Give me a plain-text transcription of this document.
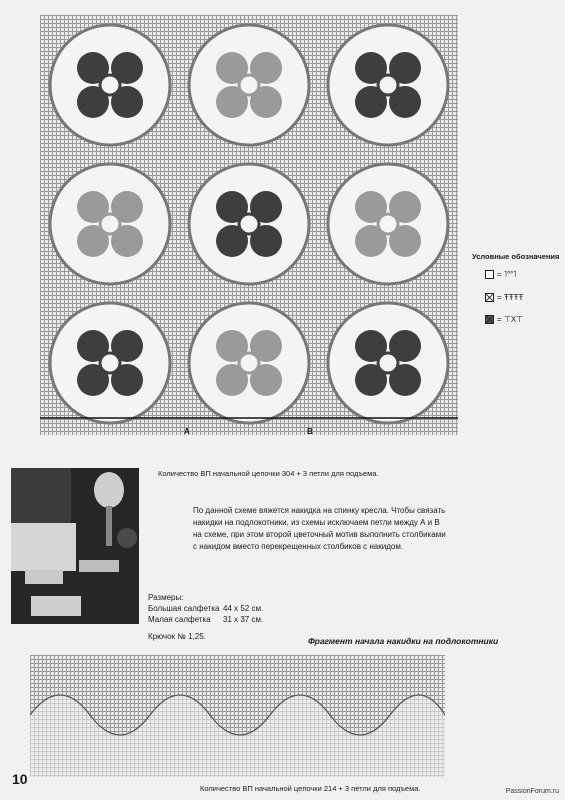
A	B
Количество ВП начальной цепочки 304 + 3 петли для подъема.
Условные обозначения
= ˥°°˥
= ŦŦŦŦ
= ⊤X⊤
По данной схеме вяжется накидка на спинку кресла. Чтобы связать
накидки на подлокотники, из схемы исключаем петли между А и В
на схеме, при этом второй цветочный мотив выполнить столбиками
с накидом вместо перекрещенных столбиков с накидом.
Размеры:
Большая салфетка 44 x 52 см.
Малая салфетка 31 x 37 см.
Крючок № 1,25.	Фрагмент начала накидки на подлокотники
Количество ВП начальной цепочки 214 + 3 петли для подъема.
10
PassionForum.ru
